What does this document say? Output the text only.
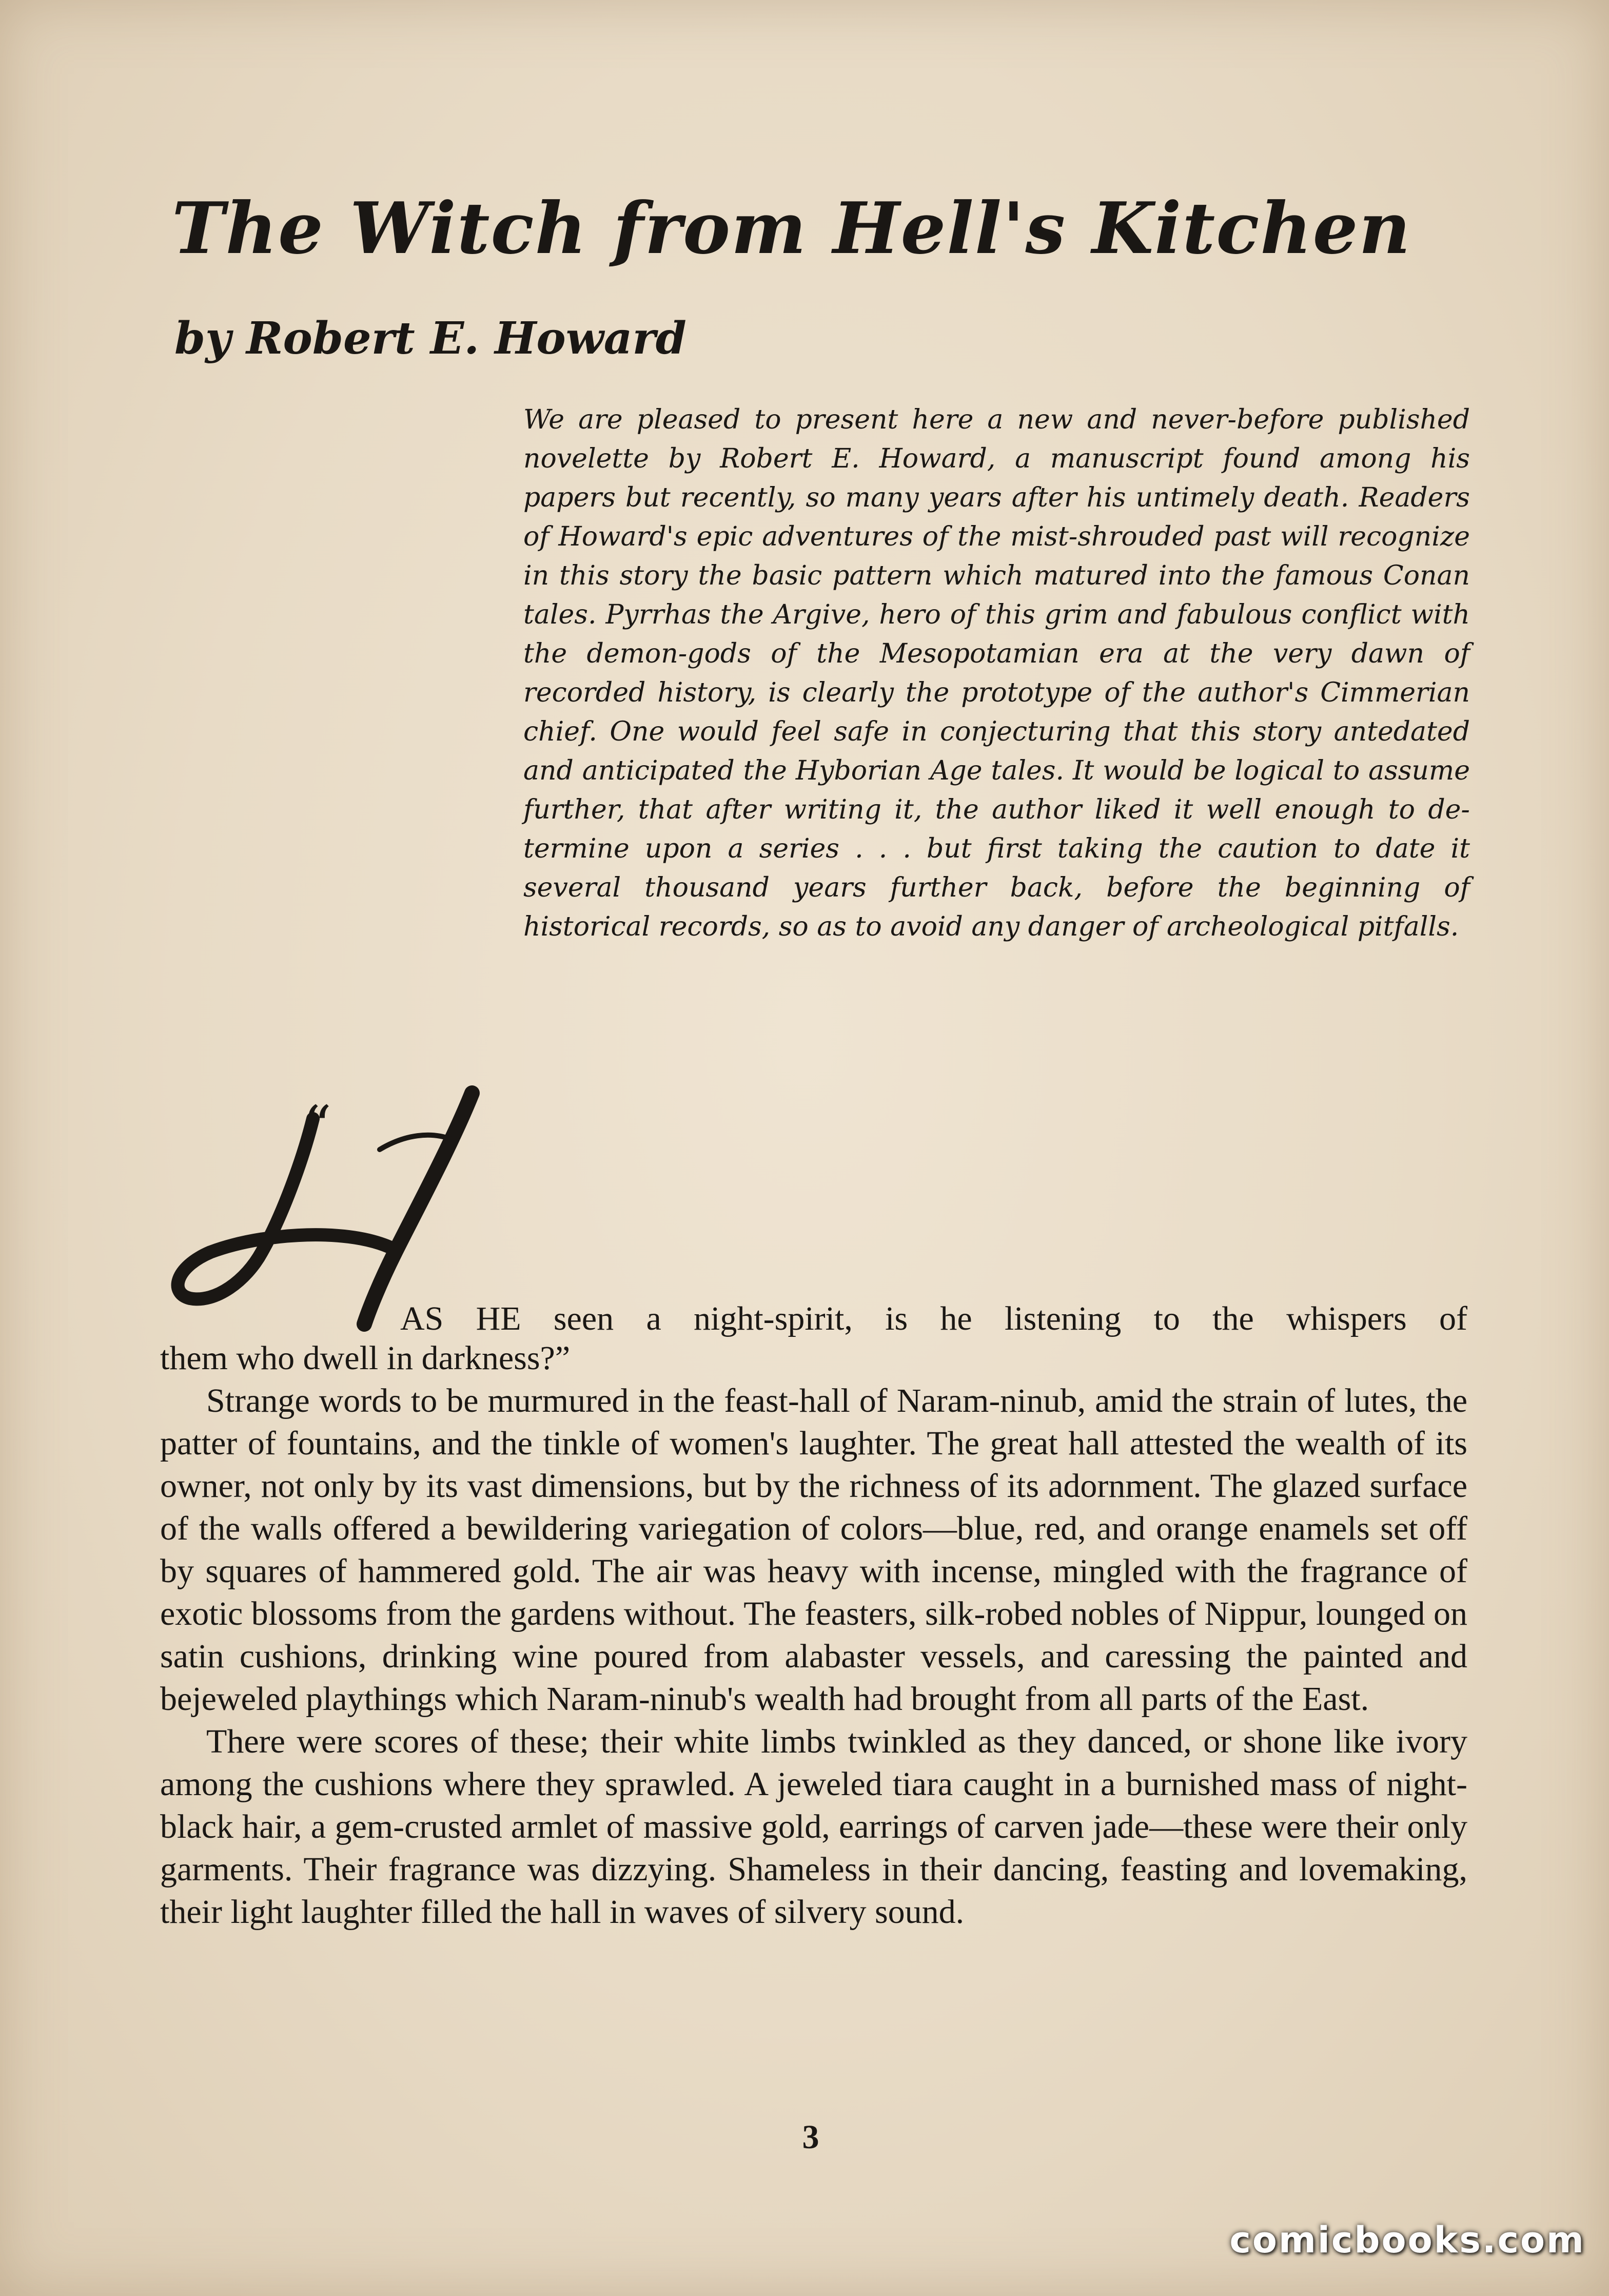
The Witch from Hell's Kitchen
by Robert E. Howard
We are pleased to present here a new and never-before published novelette by Robert E. Howard, a manuscript found among his papers but recently, so many years after his untimely death. Readers of Howard's epic adventures of the mist-shrouded past will recognize in this story the basic pattern which matured into the famous Conan tales. Pyrrhas the Argive, hero of this grim and fabulous conflict with the demon-gods of the Mesopotamian era at the very dawn of recorded history, is clearly the prototype of the author's Cimmerian chief. One would feel safe in conjecturing that this story antedated and anticipated the Hyborian Age tales. It would be logical to assume further, that after writing it, the author liked it well enough to determine upon a series . . . but first taking the caution to date it several thousand years further back, before the beginning of historical records, so as to avoid any danger of archeological pitfalls.
“
AS HE seen a night-spirit, is he listening to the whispers of

them who dwell in darkness?”

Strange words to be murmured in the feast-hall of Naram-ninub, amid the strain of lutes, the patter of fountains, and the tinkle of women's laughter. The great hall attested the wealth of its owner, not only by its vast dimensions, but by the richness of its adornment. The glazed surface of the walls offered a bewildering variegation of colors—blue, red, and orange enamels set off by squares of hammered gold. The air was heavy with incense, mingled with the fragrance of exotic blossoms from the gardens without. The feasters, silk-robed nobles of Nippur, lounged on satin cushions, drinking wine poured from alabaster vessels, and caressing the painted and bejeweled playthings which Naram-ninub's wealth had brought from all parts of the East.

There were scores of these; their white limbs twinkled as they danced, or shone like ivory among the cushions where they sprawled. A jeweled tiara caught in a burnished mass of night-black hair, a gem-crusted armlet of massive gold, earrings of carven jade—these were their only garments. Their fragrance was dizzying. Shameless in their dancing, feasting and lovemaking, their light laughter filled the hall in waves of silvery sound.

3
comicbooks.com
